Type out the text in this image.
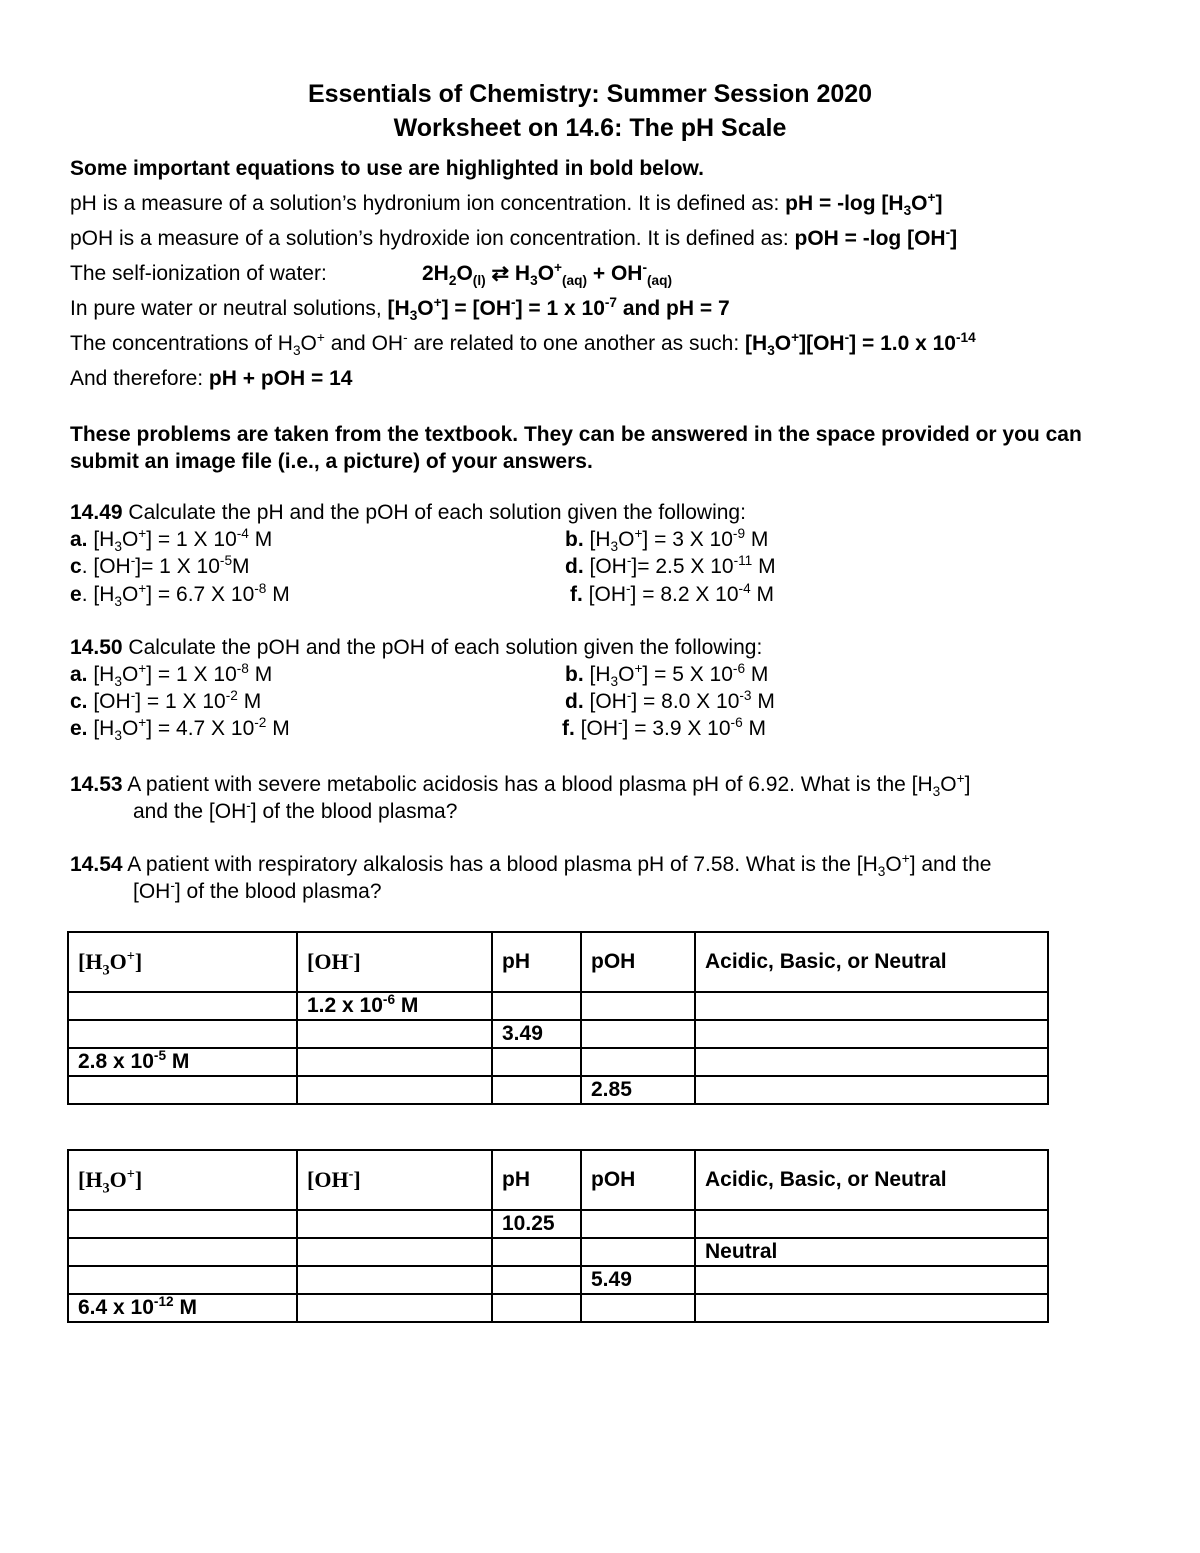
Essentials of Chemistry: Summer Session 2020
Worksheet on 14.6: The pH Scale
Some important equations to use are highlighted in bold below.
pH is a measure of a solution’s hydronium ion concentration. It is defined as: pH = -log $[H_3O^+]$
pOH is a measure of a solution’s hydroxide ion concentration. It is defined as: pOH = -log [OH-]
The self-ionization of water:	$2H_2O_{(l)}$ ⇄ $H_3O^+_{(aq)} + OH^-_{(aq)}$
In pure water or neutral solutions, $[H_3O^+] = [OH^-] = 1$ x $10^{-7}$ and pH = 7
The concentrations of $H_3O^+$ and OH- are related to one another as such: $[H_3O^+][OH^-] = 1.0$ x $10^{-14}$
And therefore: pH + pOH = 14
These problems are taken from the textbook. They can be answered in the space provided or you can submit an image file (i.e., a picture) of your answers.
14.49 Calculate the pH and the pOH of each solution given the following:
a. $[H_3O^+] = 1$ X $10^{-4}$ M	b. $[H_3O^+] = 3$ X $10^{-9}$ M
c. [OH-]= 1 X $10^{-5}M$	d. [OH-]= 2.5 X $10^{-11}$ M
e. $[H_3O^+] = 6.7$ X $10^{-8}$ M	f. [OH-] = 8.2 X $10^{-4}$ M
14.50 Calculate the pOH and the pOH of each solution given the following:
a. $[H_3O^+] = 1$ X $10^{-8}$ M	b. $[H_3O^+] = 5$ X $10^{-6}$ M
c. [OH-] = 1 X $10^{-2}$ M	d. [OH-] = 8.0 X $10^{-3}$ M
e. $[H_3O^+] = 4.7$ X $10^{-2}$ M	f. [OH-] = 3.9 X $10^{-6}$ M
14.53 A patient with severe metabolic acidosis has a blood plasma pH of 6.92. What is the $[H_3O^+]$
and the [OH-] of the blood plasma?
14.54 A patient with respiratory alkalosis has a blood plasma pH of 7.58. What is the $[H_3O^+]$ and the
[OH-] of the blood plasma?
$[H_3O^+]$	[OH-]	pH	pOH	Acidic, Basic, or Neutral
	1.2 x $10^{-6}$ M			
		3.49		
2.8 x $10^{-5}$ M				
			2.85	
$[H_3O^+]$	[OH-]	pH	pOH	Acidic, Basic, or Neutral
		10.25		
				Neutral
			5.49	
6.4 x $10^{-12}$ M				
